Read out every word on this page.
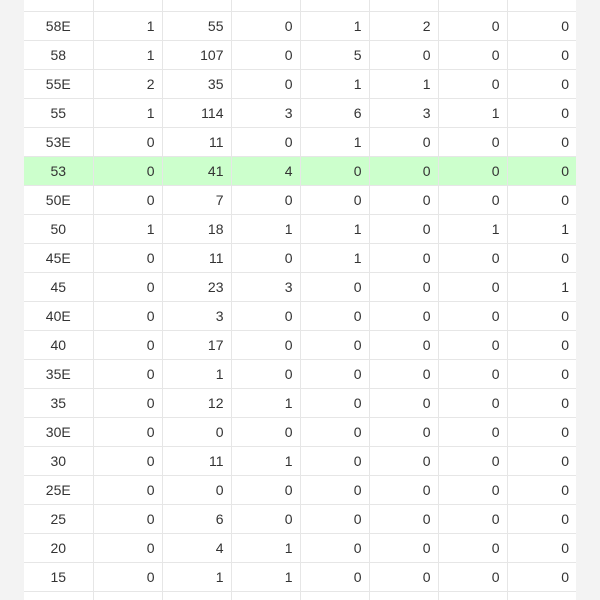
58E	1	55	0	1	2	0	0
58	1	107	0	5	0	0	0
55E	2	35	0	1	1	0	0
55	1	114	3	6	3	1	0
53E	0	11	0	1	0	0	0
53	0	41	4	0	0	0	0
50E	0	7	0	0	0	0	0
50	1	18	1	1	0	1	1
45E	0	11	0	1	0	0	0
45	0	23	3	0	0	0	1
40E	0	3	0	0	0	0	0
40	0	17	0	0	0	0	0
35E	0	1	0	0	0	0	0
35	0	12	1	0	0	0	0
30E	0	0	0	0	0	0	0
30	0	11	1	0	0	0	0
25E	0	0	0	0	0	0	0
25	0	6	0	0	0	0	0
20	0	4	1	0	0	0	0
15	0	1	1	0	0	0	0
